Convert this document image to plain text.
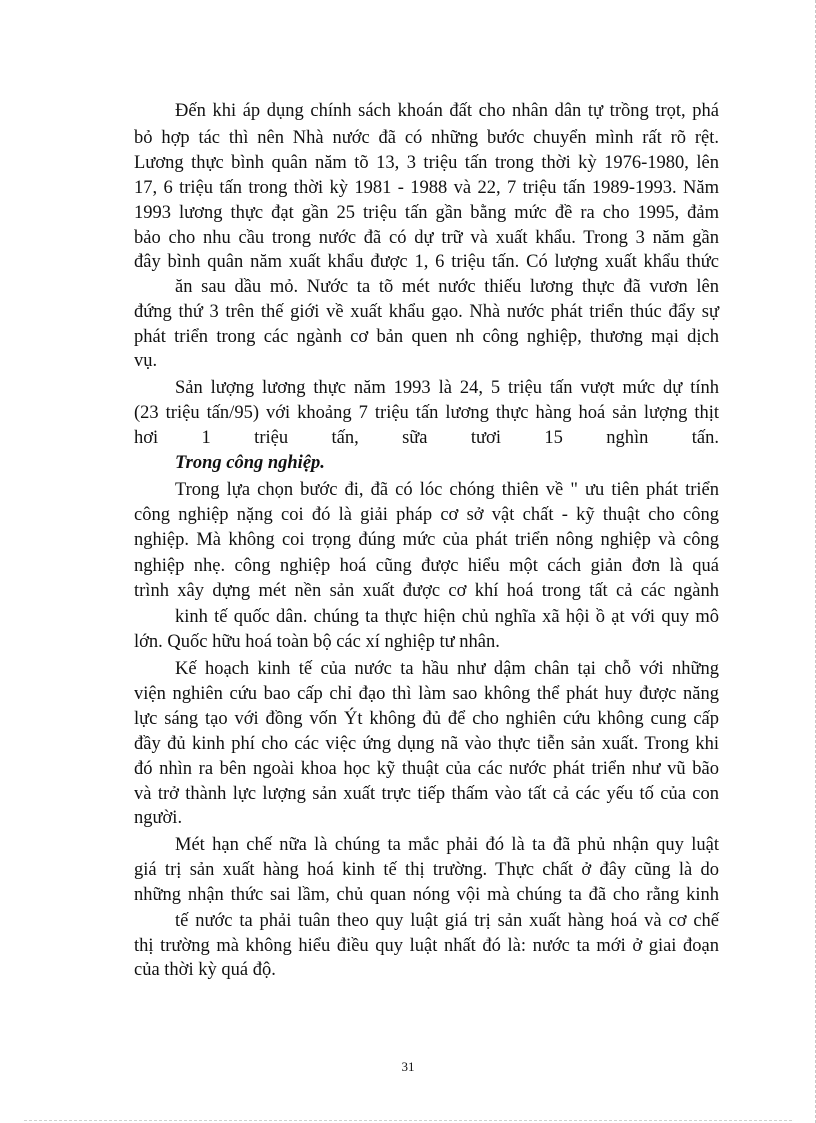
Đến khi áp dụng chính sách khoán đất cho nhân dân tự trồng trọt, phá
bỏ hợp tác thì nên Nhà nước đã có những bước chuyển mình rất rõ rệt.
Lương thực bình quân năm tõ 13, 3 triệu tấn trong thời kỳ 1976-1980, lên
17, 6 triệu tấn trong thời kỳ 1981 - 1988 và 22, 7 triệu tấn 1989-1993. Năm
1993 lương thực đạt gần 25 triệu tấn gần bằng mức đề ra cho 1995, đảm
bảo cho nhu cầu trong nước đã có dự trữ và xuất khẩu. Trong 3 năm gần
đây bình quân năm xuất khẩu được 1, 6 triệu tấn. Có lượng xuất khẩu thức
ăn sau dầu mỏ. Nước ta tõ mét nước thiếu lương thực đã vươn lên
đứng thứ 3 trên thế giới về xuất khẩu gạo. Nhà nước phát triển thúc đẩy sự
phát triển trong các ngành cơ bản quen nh công nghiệp, thương mại dịch
vụ.
Sản lượng lương thực năm 1993 là 24, 5 triệu tấn vượt mức dự tính
(23 triệu tấn/95) với khoảng 7 triệu tấn lương thực hàng hoá sản lượng thịt
hơi 1 triệu tấn, sữa tươi 15 nghìn tấn.
Trong công nghiệp.
Trong lựa chọn bước đi, đã có lóc chóng thiên về " ưu tiên phát triển
công nghiệp nặng coi đó là giải pháp cơ sở vật chất - kỹ thuật cho công
nghiệp. Mà không coi trọng đúng mức của phát triển nông nghiệp và công
nghiệp nhẹ. công nghiệp hoá cũng được hiểu một cách giản đơn là quá
trình xây dựng mét nền sản xuất được cơ khí hoá trong tất cả các ngành
kinh tế quốc dân. chúng ta thực hiện chủ nghĩa xã hội ồ ạt với quy mô
lớn. Quốc hữu hoá toàn bộ các xí nghiệp tư nhân.
Kế hoạch kinh tế của nước ta hầu như dậm chân tại chỗ với những
viện nghiên cứu bao cấp chỉ đạo thì làm sao không thể phát huy được năng
lực sáng tạo với đồng vốn Ýt không đủ để cho nghiên cứu không cung cấp
đầy đủ kinh phí cho các việc ứng dụng nã vào thực tiễn sản xuất. Trong khi
đó nhìn ra bên ngoài khoa học kỹ thuật của các nước phát triển như vũ bão
và trở thành lực lượng sản xuất trực tiếp thấm vào tất cả các yếu tố của con
người.
Mét hạn chế nữa là chúng ta mắc phải đó là ta đã phủ nhận quy luật
giá trị sản xuất hàng hoá kinh tế thị trường. Thực chất ở đây cũng là do
những nhận thức sai lầm, chủ quan nóng vội mà chúng ta đã cho rằng kinh
tế nước ta phải tuân theo quy luật giá trị sản xuất hàng hoá và cơ chế
thị trường mà không hiểu điều quy luật nhất đó là: nước ta mới ở giai đoạn
của thời kỳ quá độ.
31
